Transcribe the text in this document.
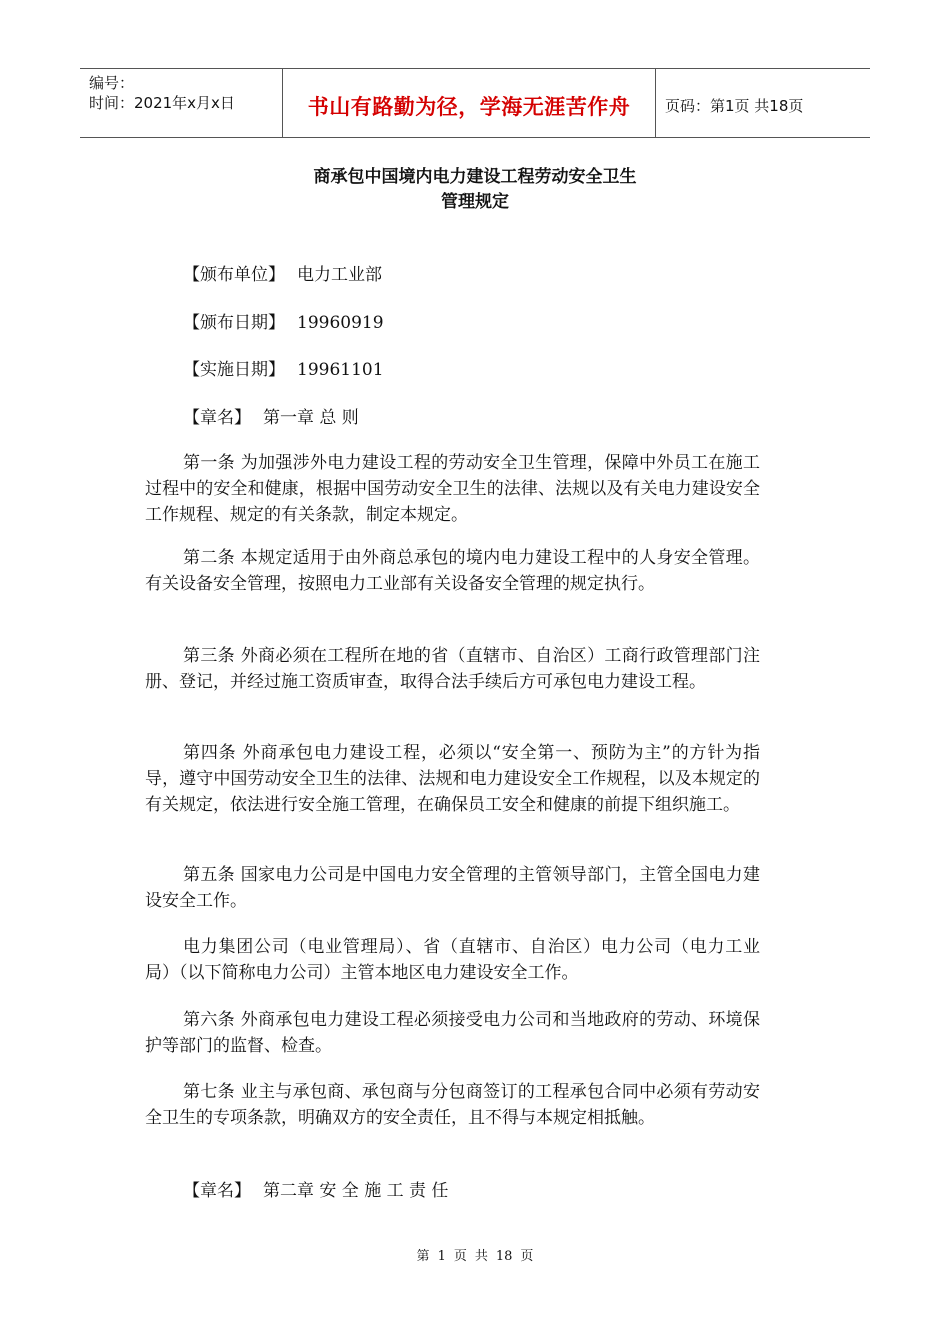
编号：
时间：2021年x月x日	书山有路勤为径，学海无涯苦作舟	页码：第1页 共18页
商承包中国境内电力建设工程劳动安全卫生
管理规定
【颁布单位】 电力工业部
【颁布日期】 19960919
【实施日期】 19961101
【章名】 第一章 总 则
第一条 为加强涉外电力建设工程的劳动安全卫生管理，保障中外员工在施工过程中的安全和健康，根据中国劳动安全卫生的法律、法规以及有关电力建设安全工作规程、规定的有关条款，制定本规定。
第二条 本规定适用于由外商总承包的境内电力建设工程中的人身安全管理。有关设备安全管理，按照电力工业部有关设备安全管理的规定执行。
第三条 外商必须在工程所在地的省（直辖市、自治区）工商行政管理部门注册、登记，并经过施工资质审查，取得合法手续后方可承包电力建设工程。
第四条 外商承包电力建设工程，必须以“安全第一、预防为主”的方针为指导，遵守中国劳动安全卫生的法律、法规和电力建设安全工作规程，以及本规定的有关规定，依法进行安全施工管理，在确保员工安全和健康的前提下组织施工。
第五条 国家电力公司是中国电力安全管理的主管领导部门，主管全国电力建设安全工作。
电力集团公司（电业管理局）、省（直辖市、自治区）电力公司（电力工业局）（以下简称电力公司）主管本地区电力建设安全工作。
第六条 外商承包电力建设工程必须接受电力公司和当地政府的劳动、环境保护等部门的监督、检查。
第七条 业主与承包商、承包商与分包商签订的工程承包合同中必须有劳动安全卫生的专项条款，明确双方的安全责任，且不得与本规定相抵触。
【章名】 第二章 安 全 施 工 责 任
第 1 页 共 18 页
